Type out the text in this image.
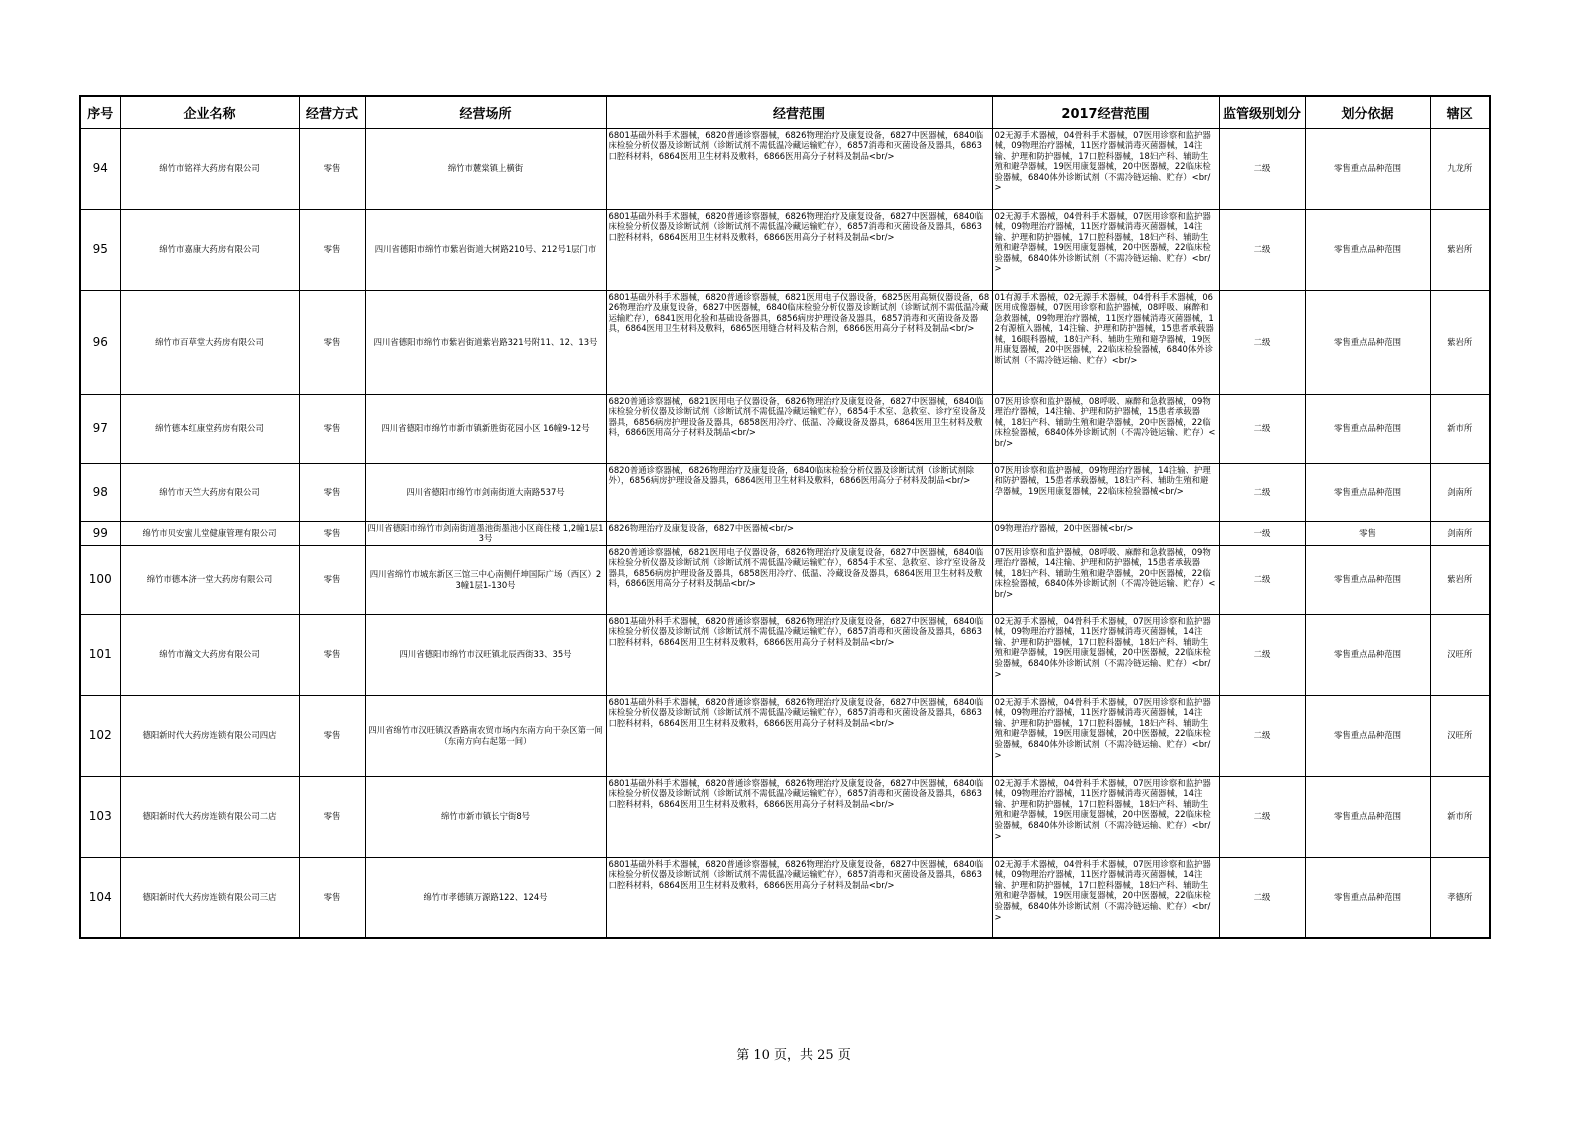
序号	企业名称	经营方式	经营场所	经营范围	2017经营范围	监管级别划分	划分依据	辖区
94	绵竹市铭祥大药房有限公司	零售	绵竹市麓棠镇上横街	6801基础外科手术器械，6820普通诊察器械，6826物理治疗及康复设备，6827中医器械，6840临床检验分析仪器及诊断试剂（诊断试剂不需低温冷藏运输贮存），6857消毒和灭菌设备及器具，6863口腔科材料，6864医用卫生材料及敷料，6866医用高分子材料及制品<br/>	02无源手术器械，04骨科手术器械，07医用诊察和监护器械，09物理治疗器械，11医疗器械消毒灭菌器械，14注输、护理和防护器械，17口腔科器械，18妇产科、辅助生殖和避孕器械，19医用康复器械，20中医器械，22临床检验器械，6840体外诊断试剂（不需冷链运输、贮存）<br/>	二级	零售重点品种范围	九龙所
95	绵竹市嘉康大药房有限公司	零售	四川省德阳市绵竹市紫岩街道大树路210号、212号1层门市	6801基础外科手术器械，6820普通诊察器械，6826物理治疗及康复设备，6827中医器械，6840临床检验分析仪器及诊断试剂（诊断试剂不需低温冷藏运输贮存），6857消毒和灭菌设备及器具，6863口腔科材料，6864医用卫生材料及敷料，6866医用高分子材料及制品<br/>	02无源手术器械，04骨科手术器械，07医用诊察和监护器械，09物理治疗器械，11医疗器械消毒灭菌器械，14注输、护理和防护器械，17口腔科器械，18妇产科、辅助生殖和避孕器械，19医用康复器械，20中医器械，22临床检验器械，6840体外诊断试剂（不需冷链运输、贮存）<br/>	二级	零售重点品种范围	紫岩所
96	绵竹市百草堂大药房有限公司	零售	四川省德阳市绵竹市紫岩街道紫岩路321号附11、12、13号	6801基础外科手术器械，6820普通诊察器械，6821医用电子仪器设备，6825医用高频仪器设备，6826物理治疗及康复设备，6827中医器械，6840临床检验分析仪器及诊断试剂（诊断试剂不需低温冷藏运输贮存），6841医用化验和基础设备器具，6856病房护理设备及器具，6857消毒和灭菌设备及器具，6864医用卫生材料及敷料，6865医用缝合材料及粘合剂，6866医用高分子材料及制品<br/>	01有源手术器械，02无源手术器械，04骨科手术器械，06医用成像器械，07医用诊察和监护器械，08呼吸、麻醉和急救器械，09物理治疗器械，11医疗器械消毒灭菌器械，12有源植入器械，14注输、护理和防护器械，15患者承载器械，16眼科器械，18妇产科、辅助生殖和避孕器械，19医用康复器械，20中医器械，22临床检验器械，6840体外诊断试剂（不需冷链运输、贮存）<br/>	二级	零售重点品种范围	紫岩所
97	绵竹德本红康堂药房有限公司	零售	四川省德阳市绵竹市新市镇新胜街花园小区 16幢9-12号	6820普通诊察器械，6821医用电子仪器设备，6826物理治疗及康复设备，6827中医器械，6840临床检验分析仪器及诊断试剂（诊断试剂不需低温冷藏运输贮存），6854手术室、急救室、诊疗室设备及器具，6856病房护理设备及器具，6858医用冷疗、低温、冷藏设备及器具，6864医用卫生材料及敷料，6866医用高分子材料及制品<br/>	07医用诊察和监护器械，08呼吸、麻醉和急救器械，09物理治疗器械，14注输、护理和防护器械，15患者承载器械，18妇产科、辅助生殖和避孕器械，20中医器械，22临床检验器械，6840体外诊断试剂（不需冷链运输、贮存）<br/>	二级	零售重点品种范围	新市所
98	绵竹市天竺大药房有限公司	零售	四川省德阳市绵竹市剑南街道大南路537号	6820普通诊察器械，6826物理治疗及康复设备，6840临床检验分析仪器及诊断试剂（诊断试剂除外），6856病房护理设备及器具，6864医用卫生材料及敷料，6866医用高分子材料及制品<br/>	07医用诊察和监护器械，09物理治疗器械，14注输、护理和防护器械，15患者承载器械，18妇产科、辅助生殖和避孕器械，19医用康复器械，22临床检验器械<br/>	二级	零售重点品种范围	剑南所
99	绵竹市贝安蜜儿堂健康管理有限公司	零售	四川省德阳市绵竹市剑南街道墨池街墨池小区商住楼 1,2幢1层13号	6826物理治疗及康复设备，6827中医器械<br/>	09物理治疗器械，20中医器械<br/>	一级	零售	剑南所
100	绵竹市德本济一堂大药房有限公司	零售	四川省绵竹市城东新区三馆三中心南侧仟坤国际广场（西区）23幢1层1-130号	6820普通诊察器械，6821医用电子仪器设备，6826物理治疗及康复设备，6827中医器械，6840临床检验分析仪器及诊断试剂（诊断试剂不需低温冷藏运输贮存），6854手术室、急救室、诊疗室设备及器具，6856病房护理设备及器具，6858医用冷疗、低温、冷藏设备及器具，6864医用卫生材料及敷料，6866医用高分子材料及制品<br/>	07医用诊察和监护器械，08呼吸、麻醉和急救器械，09物理治疗器械，14注输、护理和防护器械，15患者承载器械，18妇产科、辅助生殖和避孕器械，20中医器械，22临床检验器械，6840体外诊断试剂（不需冷链运输、贮存）<br/>	二级	零售重点品种范围	紫岩所
101	绵竹市瀚文大药房有限公司	零售	四川省德阳市绵竹市汉旺镇北辰西街33、35号	6801基础外科手术器械，6820普通诊察器械，6826物理治疗及康复设备，6827中医器械，6840临床检验分析仪器及诊断试剂（诊断试剂不需低温冷藏运输贮存），6857消毒和灭菌设备及器具，6863口腔科材料，6864医用卫生材料及敷料，6866医用高分子材料及制品<br/>	02无源手术器械，04骨科手术器械，07医用诊察和监护器械，09物理治疗器械，11医疗器械消毒灭菌器械，14注输、护理和防护器械，17口腔科器械，18妇产科、辅助生殖和避孕器械，19医用康复器械，20中医器械，22临床检验器械，6840体外诊断试剂（不需冷链运输、贮存）<br/>	二级	零售重点品种范围	汉旺所
102	德阳新时代大药房连锁有限公司四店	零售	四川省绵竹市汉旺镇汉香路南农贸市场内东南方向干杂区第一间（东南方向右起第一间）	6801基础外科手术器械，6820普通诊察器械，6826物理治疗及康复设备，6827中医器械，6840临床检验分析仪器及诊断试剂（诊断试剂不需低温冷藏运输贮存），6857消毒和灭菌设备及器具，6863口腔科材料，6864医用卫生材料及敷料，6866医用高分子材料及制品<br/>	02无源手术器械，04骨科手术器械，07医用诊察和监护器械，09物理治疗器械，11医疗器械消毒灭菌器械，14注输、护理和防护器械，17口腔科器械，18妇产科、辅助生殖和避孕器械，19医用康复器械，20中医器械，22临床检验器械，6840体外诊断试剂（不需冷链运输、贮存）<br/>	二级	零售重点品种范围	汉旺所
103	德阳新时代大药房连锁有限公司二店	零售	绵竹市新市镇长宁街8号	6801基础外科手术器械，6820普通诊察器械，6826物理治疗及康复设备，6827中医器械，6840临床检验分析仪器及诊断试剂（诊断试剂不需低温冷藏运输贮存），6857消毒和灭菌设备及器具，6863口腔科材料，6864医用卫生材料及敷料，6866医用高分子材料及制品<br/>	02无源手术器械，04骨科手术器械，07医用诊察和监护器械，09物理治疗器械，11医疗器械消毒灭菌器械，14注输、护理和防护器械，17口腔科器械，18妇产科、辅助生殖和避孕器械，19医用康复器械，20中医器械，22临床检验器械，6840体外诊断试剂（不需冷链运输、贮存）<br/>	二级	零售重点品种范围	新市所
104	德阳新时代大药房连锁有限公司三店	零售	绵竹市孝德镇万源路122、124号	6801基础外科手术器械，6820普通诊察器械，6826物理治疗及康复设备，6827中医器械，6840临床检验分析仪器及诊断试剂（诊断试剂不需低温冷藏运输贮存），6857消毒和灭菌设备及器具，6863口腔科材料，6864医用卫生材料及敷料，6866医用高分子材料及制品<br/>	02无源手术器械，04骨科手术器械，07医用诊察和监护器械，09物理治疗器械，11医疗器械消毒灭菌器械，14注输、护理和防护器械，17口腔科器械，18妇产科、辅助生殖和避孕器械，19医用康复器械，20中医器械，22临床检验器械，6840体外诊断试剂（不需冷链运输、贮存）<br/>	二级	零售重点品种范围	孝德所
第 10 页，共 25 页
